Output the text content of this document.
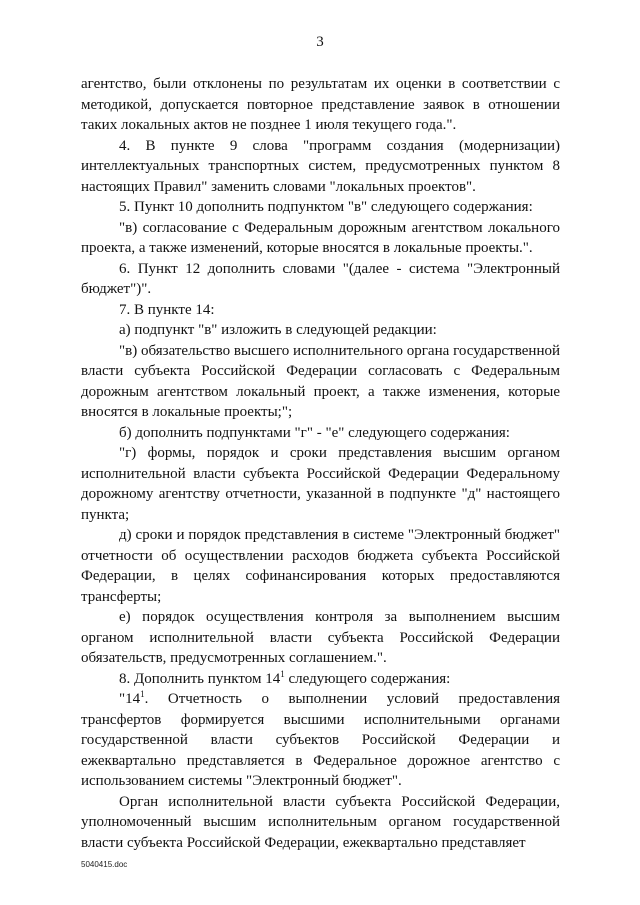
3

агентство, были отклонены по результатам их оценки в соответствии с методикой, допускается повторное представление заявок в отношении таких локальных актов не позднее 1 июля текущего года.".

4. В пункте 9 слова "программ создания (модернизации) интеллектуальных транспортных систем, предусмотренных пунктом 8 настоящих Правил" заменить словами "локальных проектов".

5. Пункт 10 дополнить подпунктом "в" следующего содержания:

"в) согласование с Федеральным дорожным агентством локального проекта, а также изменений, которые вносятся в локальные проекты.".

6. Пункт 12 дополнить словами "(далее - система "Электронный бюджет")".

7. В пункте 14:

а) подпункт "в" изложить в следующей редакции:

"в) обязательство высшего исполнительного органа государственной власти субъекта Российской Федерации согласовать с Федеральным дорожным агентством локальный проект, а также изменения, которые вносятся в локальные проекты;";

б) дополнить подпунктами "г" - "е" следующего содержания:

"г) формы, порядок и сроки представления высшим органом исполнительной власти субъекта Российской Федерации Федеральному дорожному агентству отчетности, указанной в подпункте "д" настоящего пункта;

д) сроки и порядок представления в системе "Электронный бюджет" отчетности об осуществлении расходов бюджета субъекта Российской Федерации, в целях софинансирования которых предоставляются трансферты;

е) порядок осуществления контроля за выполнением высшим органом исполнительной власти субъекта Российской Федерации обязательств, предусмотренных соглашением.".

8. Дополнить пунктом $14^1$ следующего содержания:

"$14^1$. Отчетность о выполнении условий предоставления трансфертов формируется высшими исполнительными органами государственной власти субъектов Российской Федерации и ежеквартально представляется в Федеральное дорожное агентство с использованием системы "Электронный бюджет".

Орган исполнительной власти субъекта Российской Федерации, уполномоченный высшим исполнительным органом государственной власти субъекта Российской Федерации, ежеквартально представляет

5040415.doc
